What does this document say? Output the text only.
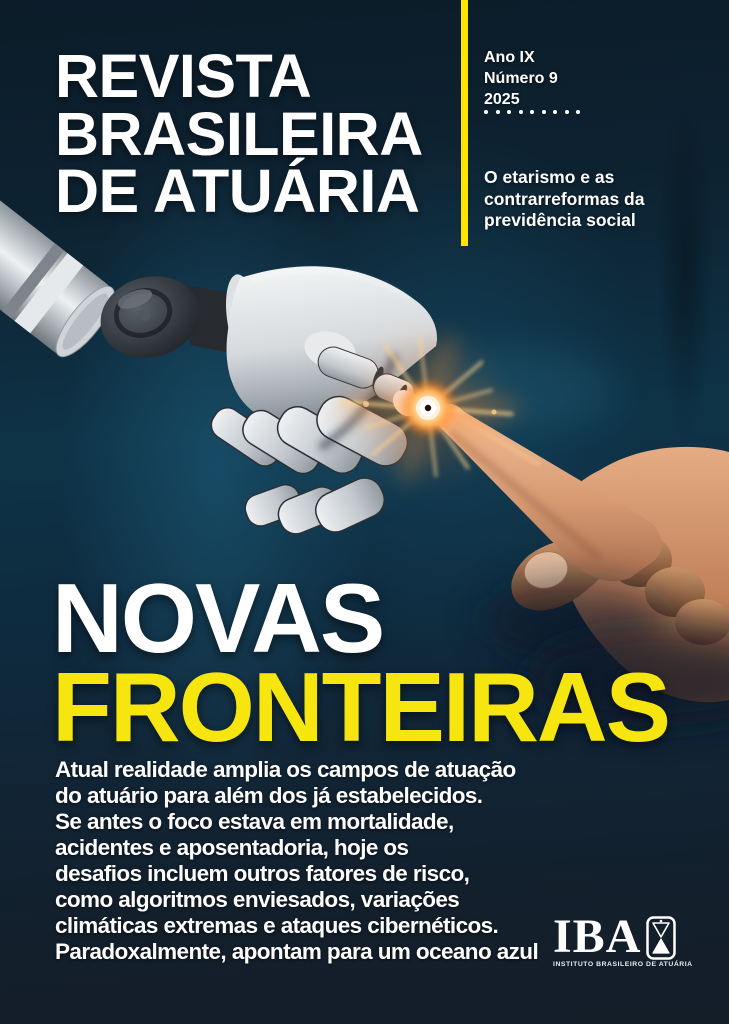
REVISTA
BRASILEIRA
DE ATUÁRIA
Ano IX
Número 9
2025
O etarismo e as
contrarreformas da
previdência social
NOVAS
FRONTEIRAS
Atual realidade amplia os campos de atuação
do atuário para além dos já estabelecidos.
Se antes o foco estava em mortalidade,
acidentes e aposentadoria, hoje os
desafios incluem outros fatores de risco,
como algoritmos enviesados, variações
climáticas extremas e ataques cibernéticos.
Paradoxalmente, apontam para um oceano azul IBA
INSTITUTO BRASILEIRO DE ATUÁRIA
